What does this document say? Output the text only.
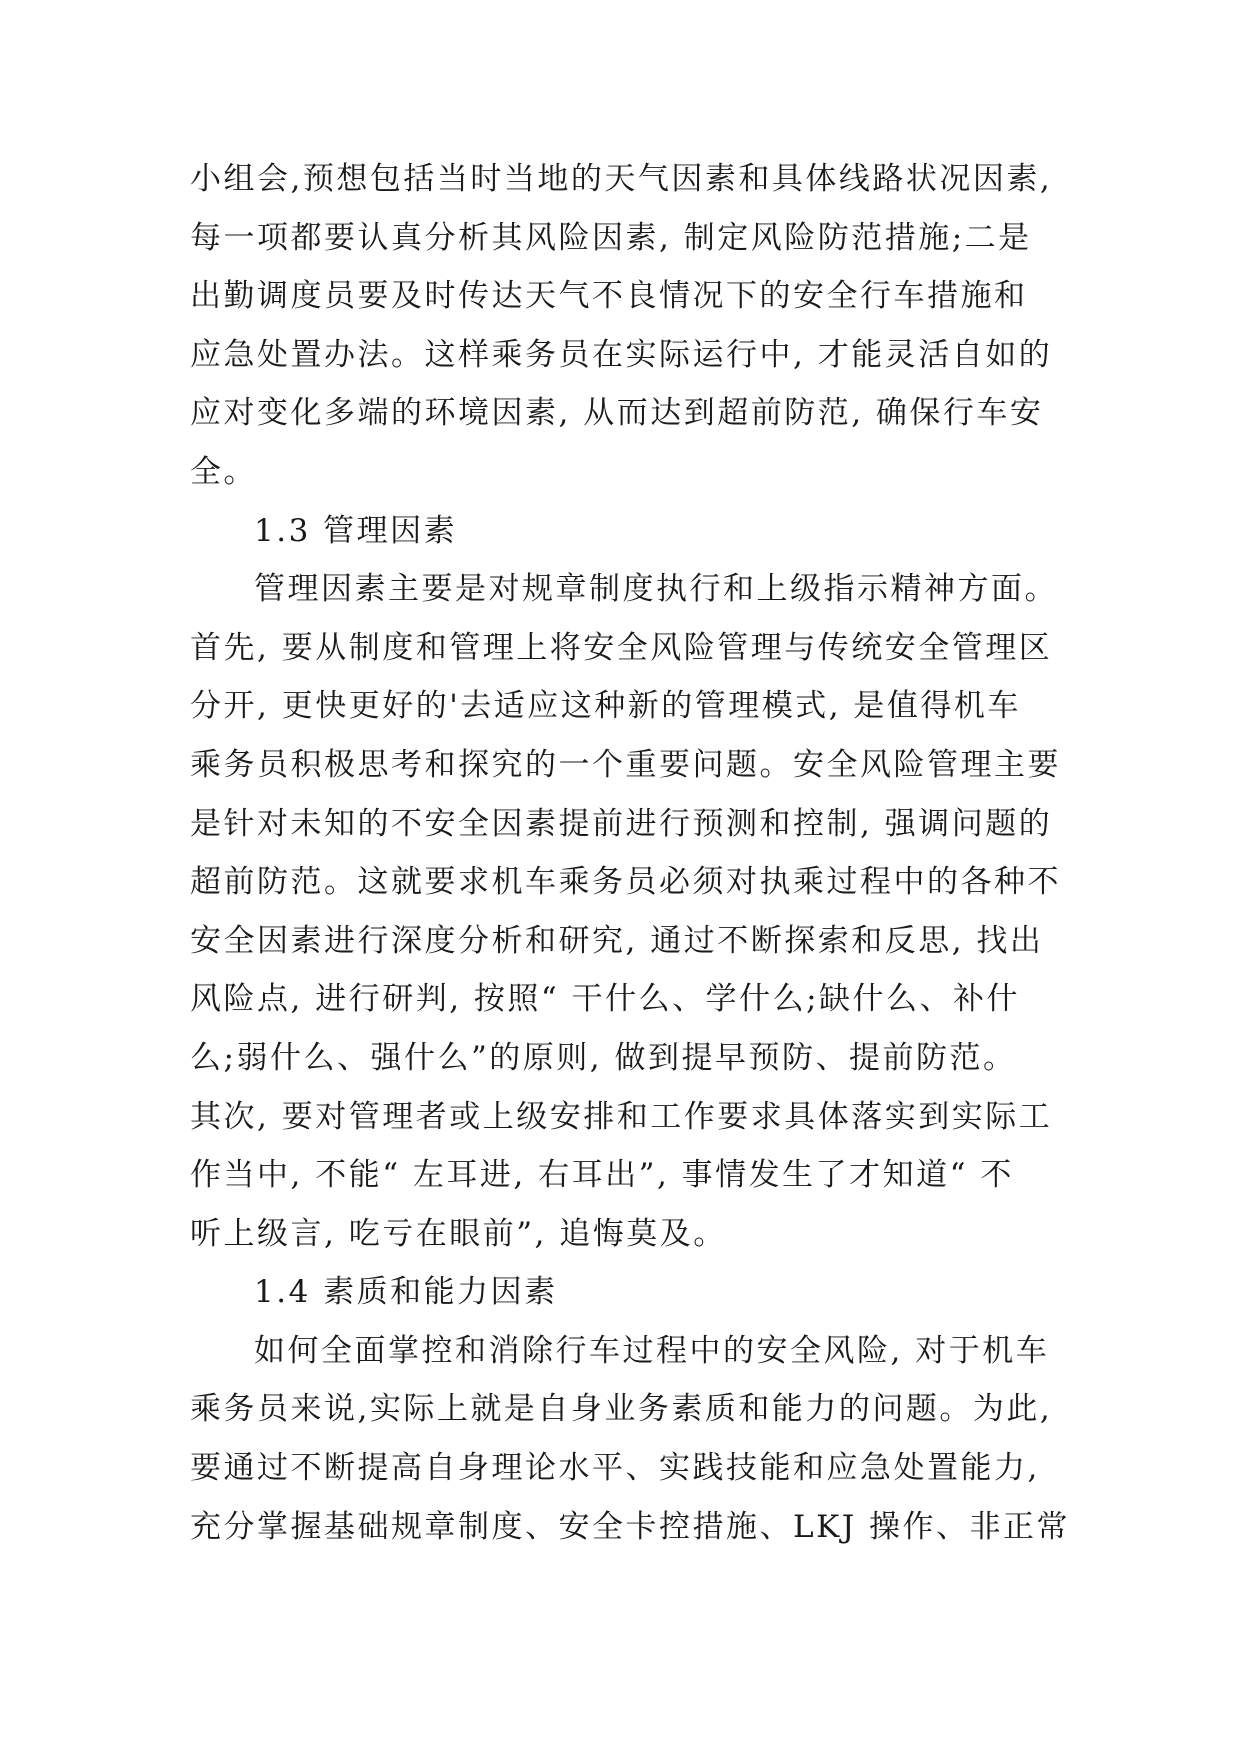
小组会,预想包括当时当地的天气因素和具体线路状况因素,
每一项都要认真分析其风险因素, 制定风险防范措施;二是
出勤调度员要及时传达天气不良情况下的安全行车措施和
应急处置办法。这样乘务员在实际运行中, 才能灵活自如的
应对变化多端的环境因素, 从而达到超前防范, 确保行车安
全。
1.3 管理因素
管理因素主要是对规章制度执行和上级指示精神方面。
首先, 要从制度和管理上将安全风险管理与传统安全管理区
分开, 更快更好的'去适应这种新的管理模式, 是值得机车
乘务员积极思考和探究的一个重要问题。安全风险管理主要
是针对未知的不安全因素提前进行预测和控制, 强调问题的
超前防范。这就要求机车乘务员必须对执乘过程中的各种不
安全因素进行深度分析和研究, 通过不断探索和反思, 找出
风险点, 进行研判, 按照“ 干什么、学什么;缺什么、补什
么;弱什么、强什么”的原则, 做到提早预防、提前防范。
其次, 要对管理者或上级安排和工作要求具体落实到实际工
作当中, 不能“ 左耳进, 右耳出”, 事情发生了才知道“ 不
听上级言, 吃亏在眼前”, 追悔莫及。
1.4 素质和能力因素
如何全面掌控和消除行车过程中的安全风险, 对于机车
乘务员来说,实际上就是自身业务素质和能力的问题。为此,
要通过不断提高自身理论水平、实践技能和应急处置能力,
充分掌握基础规章制度、安全卡控措施、LKJ 操作、非正常
